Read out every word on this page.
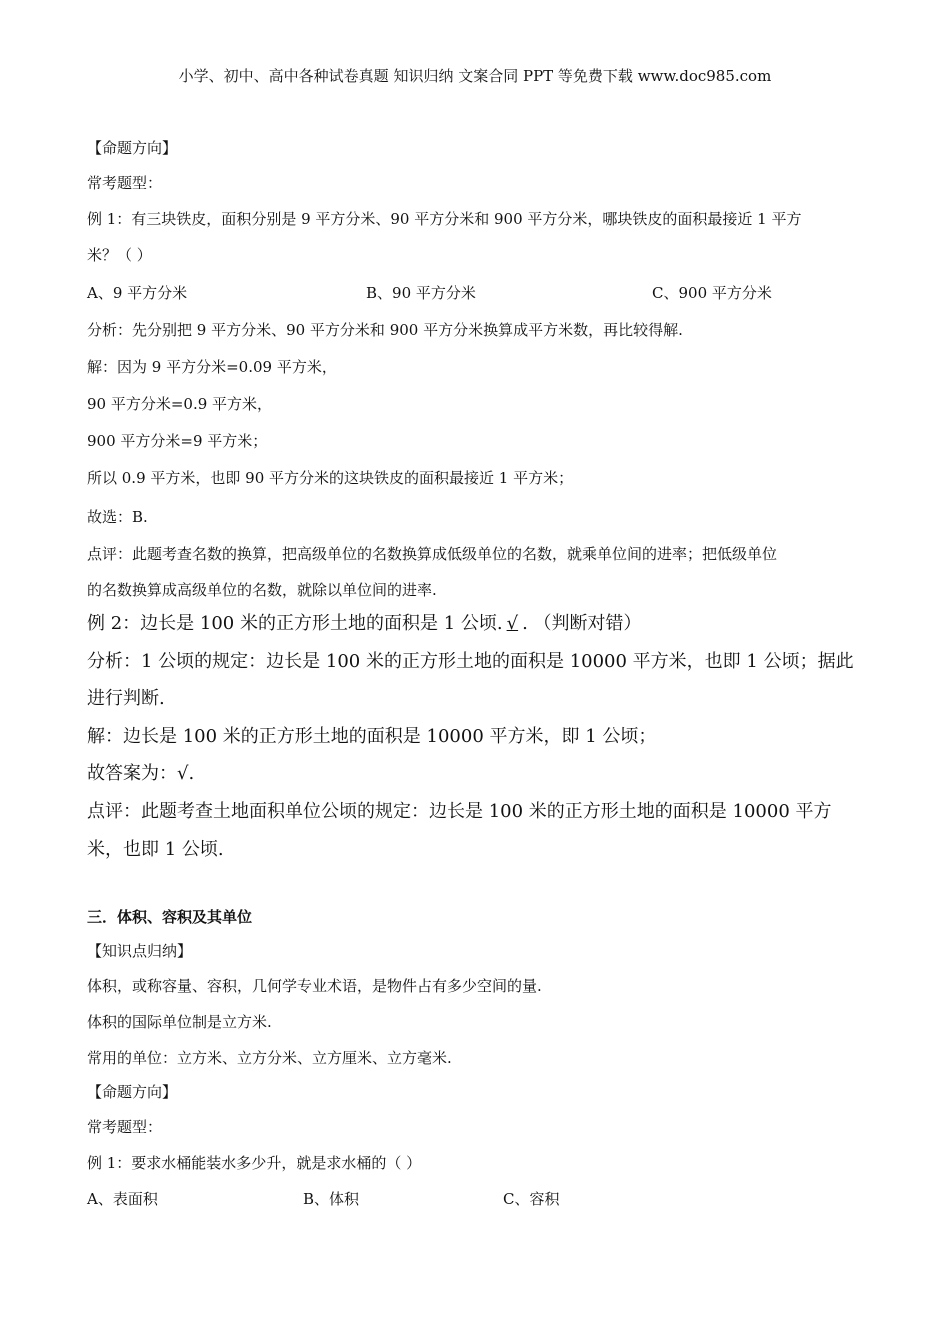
小学、初中、高中各种试卷真题 知识归纳 文案合同 PPT 等免费下载 www.doc985.com
【命题方向】
常考题型：
例 1：有三块铁皮，面积分别是 9 平方分米、90 平方分米和 900 平方分米，哪块铁皮的面积最接近 1 平方
米？（ ）
A、9 平方分米	B、90 平方分米	C、900 平方分米
分析：先分别把 9 平方分米、90 平方分米和 900 平方分米换算成平方米数，再比较得解.
解：因为 9 平方分米=0.09 平方米，
90 平方分米=0.9 平方米，
900 平方分米=9 平方米；
所以 0.9 平方米，也即 90 平方分米的这块铁皮的面积最接近 1 平方米；
故选：B.
点评：此题考查名数的换算，把高级单位的名数换算成低级单位的名数，就乘单位间的进率；把低级单位
的名数换算成高级单位的名数，就除以单位间的进率.
例 2：边长是 100 米的正方形土地的面积是 1 公顷. √ . （判断对错）
分析：1 公顷的规定：边长是 100 米的正方形土地的面积是 10000 平方米，也即 1 公顷；据此
进行判断.
解：边长是 100 米的正方形土地的面积是 10000 平方米，即 1 公顷；
故答案为：√.
点评：此题考查土地面积单位公顷的规定：边长是 100 米的正方形土地的面积是 10000 平方
米，也即 1 公顷.
三．体积、容积及其单位
【知识点归纳】
体积，或称容量、容积，几何学专业术语，是物件占有多少空间的量.
体积的国际单位制是立方米.
常用的单位：立方米、立方分米、立方厘米、立方毫米.
【命题方向】
常考题型：
例 1：要求水桶能装水多少升，就是求水桶的（ ）
A、表面积	B、体积	C、容积
